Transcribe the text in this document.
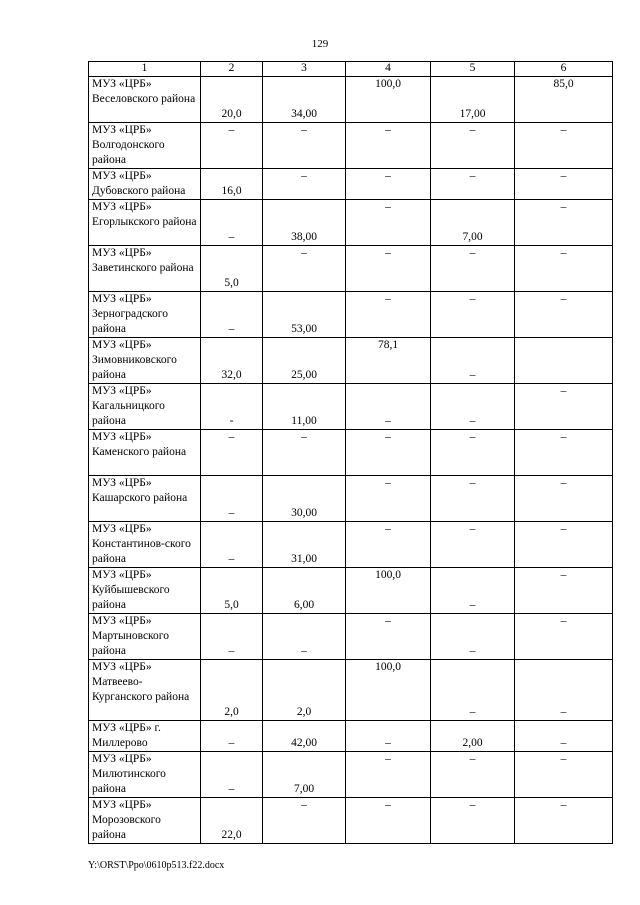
129
1	2	3	4	5	6
МУЗ «ЦРБ» Веселовского района	20,0	34,00	100,0	17,00	85,0

МУЗ «ЦРБ» Волгодонского района	–	–	–	–	–

МУЗ «ЦРБ» Дубовского района	16,0	–	–	–	–

МУЗ «ЦРБ» Егорлыкского района	–	38,00	–	7,00	–

МУЗ «ЦРБ» Заветинского района	5,0	–	–	–	–

МУЗ «ЦРБ» Зерноградского района	–	53,00	–	–	–

МУЗ «ЦРБ» Зимовниковского района	32,0	25,00	78,1	–	

МУЗ «ЦРБ» Кагальницкого района	-	11,00	–	–	–

МУЗ «ЦРБ» Каменского района	–	–	–	–	–

МУЗ «ЦРБ» Кашарского района	–	30,00	–	–	–

МУЗ «ЦРБ» Константинов-ского района	–	31,00	–	–	–

МУЗ «ЦРБ» Куйбышевского района	5,0	6,00	100,0	–	–

МУЗ «ЦРБ» Мартыновского района	–	–	–	–	–

МУЗ «ЦРБ» Матвеево-Курганского района	2,0	2,0	100,0	–	–

МУЗ «ЦРБ» г. Миллерово	–	42,00	–	2,00	–

МУЗ «ЦРБ» Милютинского района	–	7,00	–	–	–

МУЗ «ЦРБ» Морозовского района	22,0	–	–	–	–
Y:\ORST\Ppo\0610p513.f22.docx
